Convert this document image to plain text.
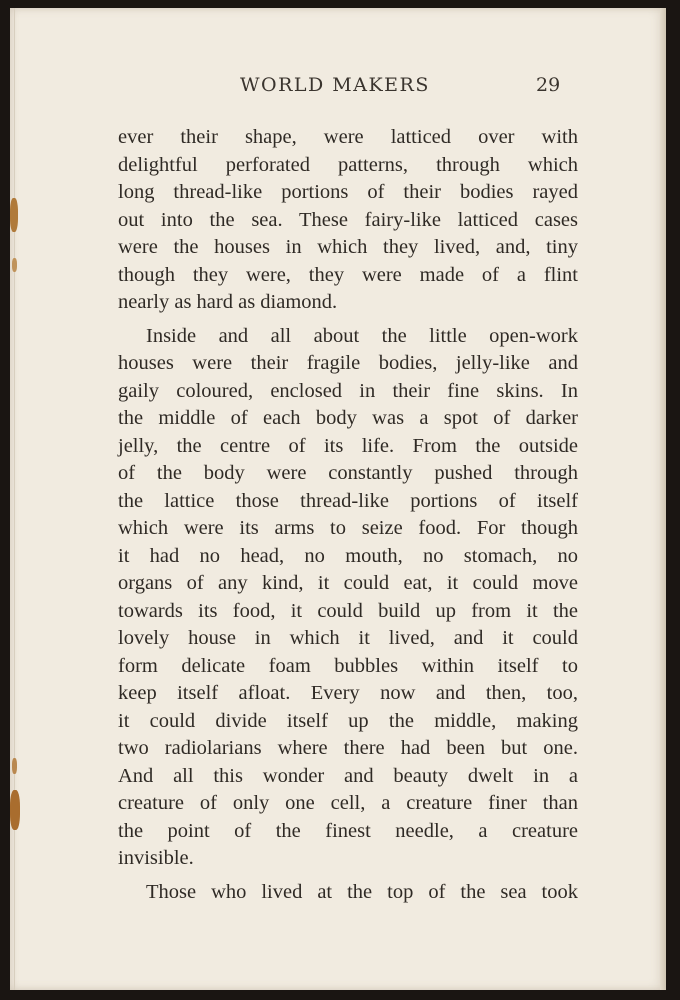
WORLD MAKERS	29

ever their shape, were latticed over with
delightful perforated patterns, through which
long thread-like portions of their bodies rayed
out into the sea. These fairy-like latticed cases
were the houses in which they lived, and, tiny
though they were, they were made of a flint
nearly as hard as diamond.

Inside and all about the little open-work
houses were their fragile bodies, jelly-like and
gaily coloured, enclosed in their fine skins. In
the middle of each body was a spot of darker
jelly, the centre of its life. From the outside
of the body were constantly pushed through
the lattice those thread-like portions of itself
which were its arms to seize food. For though
it had no head, no mouth, no stomach, no
organs of any kind, it could eat, it could move
towards its food, it could build up from it the
lovely house in which it lived, and it could
form delicate foam bubbles within itself to
keep itself afloat. Every now and then, too,
it could divide itself up the middle, making
two radiolarians where there had been but one.
And all this wonder and beauty dwelt in a
creature of only one cell, a creature finer than
the point of the finest needle, a creature
invisible.

Those who lived at the top of the sea took
